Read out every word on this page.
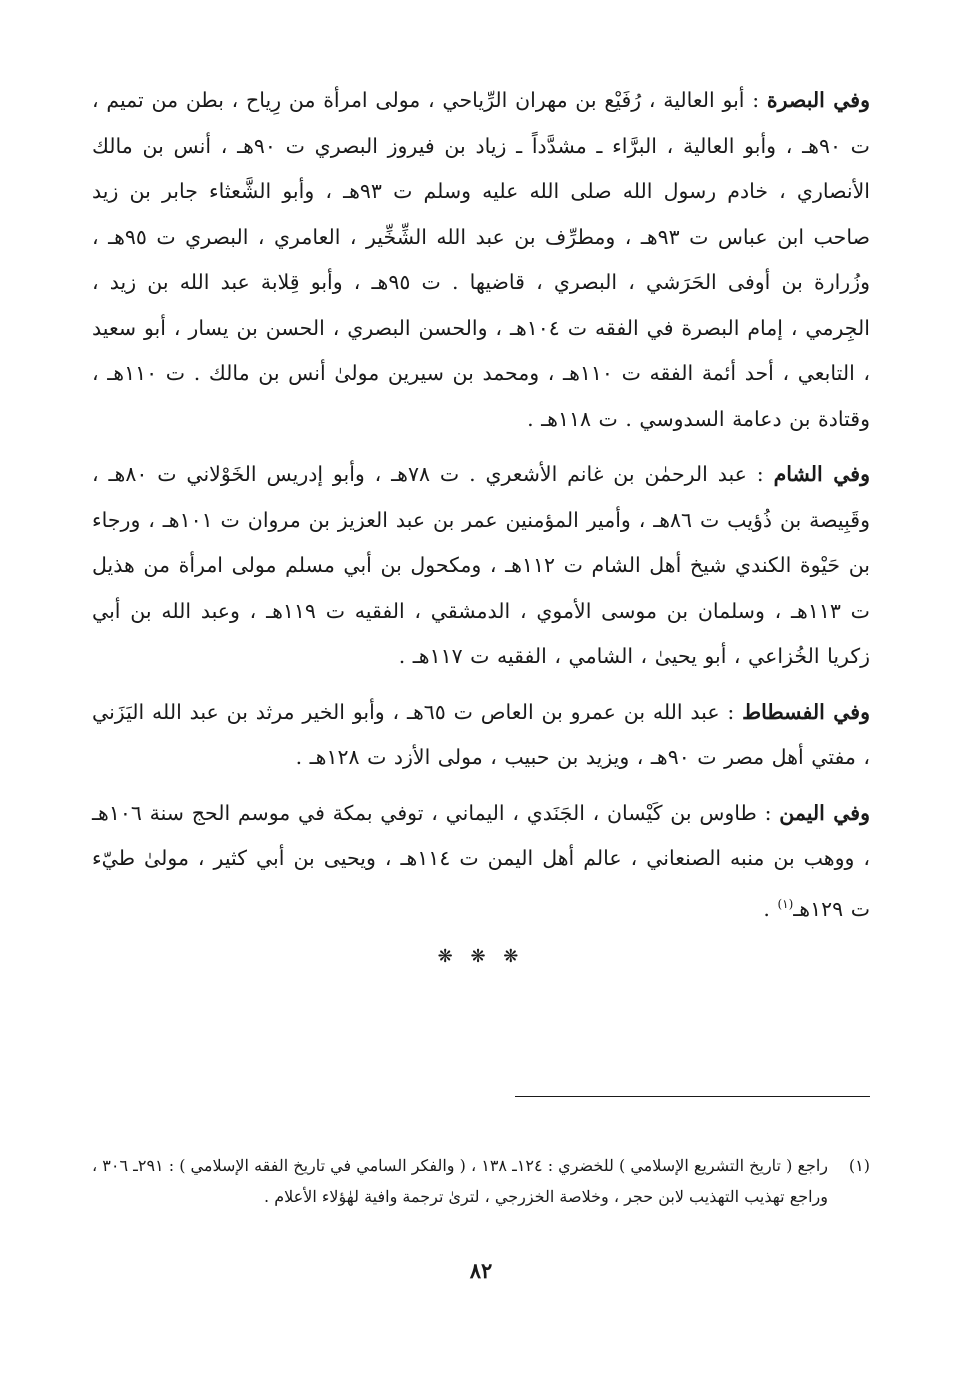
وفي البصرة : أبو العالية ، رُفَيْع بن مهران الرِّياحي ، مولى امرأة من رِياح ، بطن من تميم ، ت ٩٠هـ ، وأبو العالية ، البرَّاء ـ مشدَّداً ـ زياد بن فيروز البصري ت ٩٠هـ ، أنس بن مالك الأنصاري ، خادم رسول الله صلى الله عليه وسلم ت ٩٣هـ ، وأبو الشَّعثاء جابر بن زيد صاحب ابن عباس ت ٩٣هـ ، ومطرِّف بن عبد الله الشِّخِّير ، العامري ، البصري ت ٩٥هـ ، وزُرارة بن أوفى الحَرَشي ، البصري ، قاضيها . ت ٩٥هـ ، وأبو قِلابة عبد الله بن زيد ، الجِرمي ، إمام البصرة في الفقه ت ١٠٤هـ ، والحسن البصري ، الحسن بن يسار ، أبو سعيد ، التابعي ، أحد أئمة الفقه ت ١١٠هـ ، ومحمد بن سيرين مولىٰ أنس بن مالك . ت ١١٠هـ ، وقتادة بن دعامة السدوسي . ت ١١٨هـ .

وفي الشام : عبد الرحمٰن بن غانم الأشعري . ت ٧٨هـ ، وأبو إدريس الخَوْلاني ت ٨٠هـ ، وقَبِيصة بن ذُؤيب ت ٨٦هـ ، وأمير المؤمنين عمر بن عبد العزيز بن مروان ت ١٠١هـ ، ورجاء بن حَيْوة الكندي شيخ أهل الشام ت ١١٢هـ ، ومكحول بن أبي مسلم مولى امرأة من هذيل ت ١١٣هـ ، وسلمان بن موسى الأموي ، الدمشقي ، الفقيه ت ١١٩هـ ، وعبد الله بن أبي زكريا الخُزاعي ، أبو يحيىٰ ، الشامي ، الفقيه ت ١١٧هـ .

وفي الفسطاط : عبد الله بن عمرو بن العاص ت ٦٥هـ ، وأبو الخير مرثد بن عبد الله اليَزَني ، مفتي أهل مصر ت ٩٠هـ ، ويزيد بن حبيب ، مولى الأزد ت ١٢٨هـ .

وفي اليمن : طاوس بن كَيْسان ، الجَنَدي ، اليماني ، توفي بمكة في موسم الحج سنة ١٠٦هـ ، ووهب بن منبه الصنعاني ، عالم أهل اليمن ت ١١٤هـ ، ويحيى بن أبي كثير ، مولىٰ طيّء ت ١٢٩هـ$^{(١)}$ .

❋ ❋ ❋
(١)
راجع ( تاريخ التشريع الإسلامي ) للخضري : ١٢٤ـ ١٣٨ ، ( والفكر السامي في تاريخ الفقه الإسلامي ) : ٢٩١ـ ٣٠٦ ، وراجع تهذيب التهذيب لابن حجر ، وخلاصة الخزرجي ، لترىٰ ترجمة وافية لهٰؤلاء الأعلام .
٨٢
